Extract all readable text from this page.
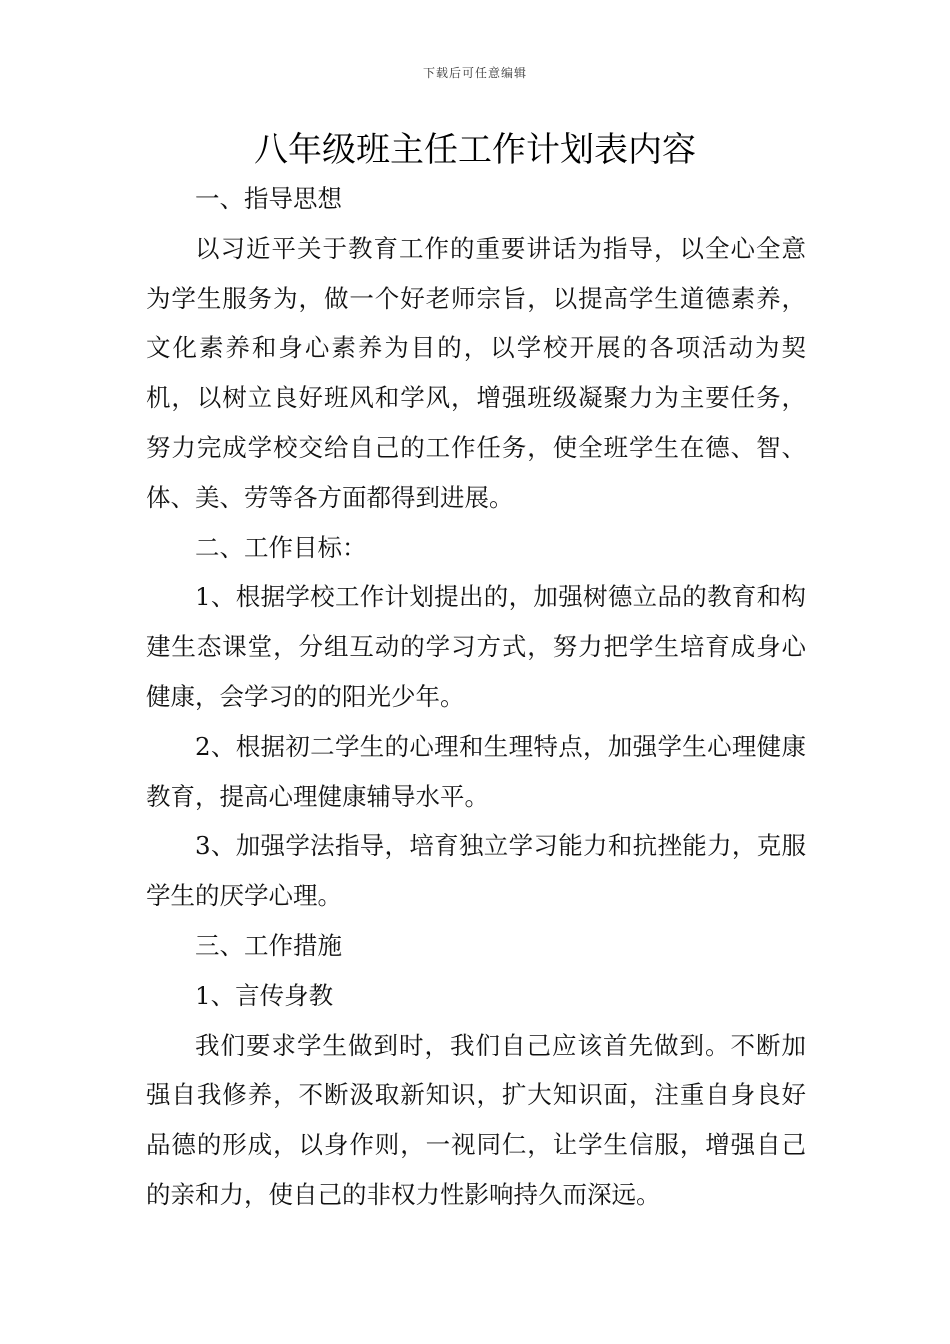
下载后可任意编辑
八年级班主任工作计划表内容

一、指导思想

以习近平关于教育工作的重要讲话为指导，以全心全意为学生服务为，做一个好老师宗旨，以提高学生道德素养，文化素养和身心素养为目的，以学校开展的各项活动为契机，以树立良好班风和学风，增强班级凝聚力为主要任务，努力完成学校交给自己的工作任务，使全班学生在德、智、体、美、劳等各方面都得到进展。

二、工作目标：

1、根据学校工作计划提出的，加强树德立品的教育和构建生态课堂，分组互动的学习方式，努力把学生培育成身心健康，会学习的的阳光少年。

2、根据初二学生的心理和生理特点，加强学生心理健康教育，提高心理健康辅导水平。

3、加强学法指导，培育独立学习能力和抗挫能力，克服学生的厌学心理。

三、工作措施

1、言传身教

我们要求学生做到时，我们自己应该首先做到。不断加强自我修养，不断汲取新知识，扩大知识面，注重自身良好品德的形成，以身作则，一视同仁，让学生信服，增强自己的亲和力，使自己的非权力性影响持久而深远。
